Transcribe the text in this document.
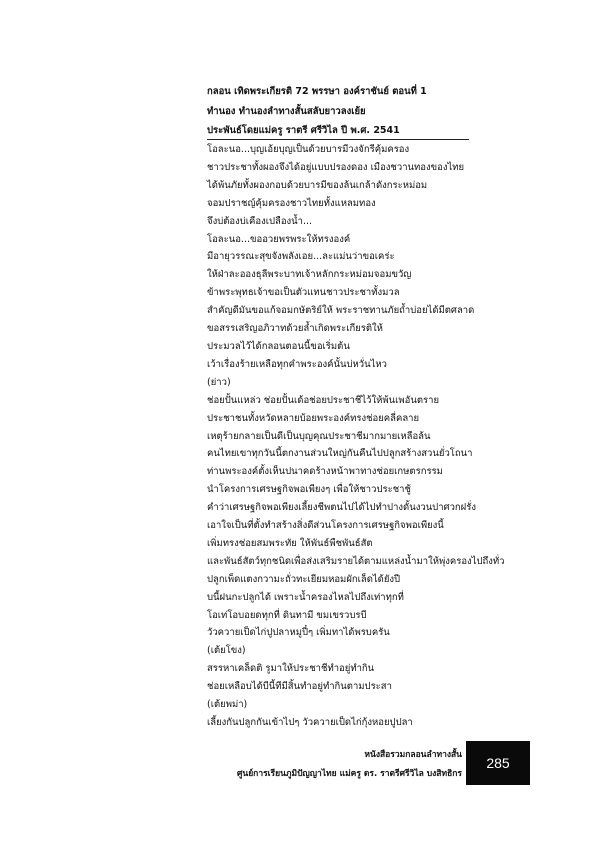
กลอน เทิดพระเกียรติ 72 พรรษา องค์ราชันย์ ตอนที่ 1
ทำนอง ทำนองลำทางสั้นสลับยาวลงเย้ย
ประพันธ์โดยแม่ครู ราตรี ศรีวิไล ปี พ.ศ. 2541
โอละนอ...บุญเอ้ยบุญเป็นด้วยบารมีวงจักรีคุ้มครอง
ชาวประชาทั้งผองจึงได้อยู่แบบปรองดอง เมืองชวานทองของไทย
ได้พ้นภัยทั้งผองกอบด้วยบารมีของล้นเกล้าดังกระหม่อม
จอมปราชญ์คุ้มครองชาวไทยทั้งแหลมทอง
จึงบ่ต้องบ่เคืองเปลืองน้ำ...
โอละนอ...ขออวยพรพระให้ทรงองค์
มีอายุวรรณะสุขจังพลังเอย...ละแม่นว่าขอเคร่ะ
ให้ฝ่าละอองธุลีพระบาทเจ้าหลักกระหม่อมจอมขวัญ
ข้าพระพุทธเจ้าขอเป็นตัวแทนชาวประชาทั้งมวล
สำคัญดีมันขอแก้จอมกษัตริย์ให้ พระราชทานภัยถ้ำบ่อยได้มีตศลาด
ขอสรรเสริญอภิวาทด้วยล้ำเกิดพระเกียรติให้
ประมวลไว้ได้กลอนตอนนี้ขอเริ่มต้น
เว้าเรื่องร้ายเหลือทุกคำพระองค์นั้นบ่หวั่นไหว
(ย่าว)
ช่อยปั้นแหล่ว ช่อยปั้นเด้อช่อยประชาชีไว้ให้พ้นเพอันตราย
ประชาชนทั้งหวัดหลายบ้อยพระองค์ทรงช่อยคลี่คลาย
เหตุร้ายกลายเป็นดีเป็นบุญคุณประชาชีมากมายเหลือล้น
คนไทยเขาทุกวันนี้ตกงานส่วนใหญ่กันคืนไปปลูกสร้างสวนยั่วโถนา
ท่านพระองค์ตั้งเห็นปนาคดร้างหน้าพาทางช่อยเกษตรกรรม
นำโครงการเศรษฐกิจพอเพียงๆ เพื่อให้ชาวประชาชู้
คำว่าเศรษฐกิจพอเพียงเลี้ยงชีพตนไปได้ไปทำปางดั้นงวนปาศวกฝรั่ง
เอาใจเป็นที่ตั้งทำสร้างสิ่งดีส่วนโครงการเศรษฐกิจพอเพียงนี้
เพิ่มทรงช่อยสมพระทัย ให้พันธ์พืชพันธ์สัต
และพันธ์สัตว์ทุกชนิดเพื่อส่งเสริมรายได้ตามแหล่งน้ำมาให้พุ่งครองไปถึงทั่ว
ปลูกเพ็ดแตงกวามะถั่วทะเยียมหอมผักเล็ดได้ยังปี
บนี้ฝนกะปลูกได้ เพราะน้ำครองไหลไปถึงเท่าทุกที่
โอเท่โอบอยดทุกที่ ดินทามี ขมเขรวบรบี
วัวควายเป็ดไก่ปูปลาหมูปี๋ๆ เพิ่มทาได้พรบครัน
(เต้ยโขง)
สรรหาเคล็ดติ รูมาให้ประชาชีทำอยู่ทำกิน
ช่อยเหลือบได้บีนี้ทีมีสิ้นทำอยู่ทำกินตามประสา
(เต้ยพม่า)
เลี้ยงกันปลูกกันเข้าไปๆ วัวควายเป็ดไก่กุ้งหอยปูปลา
หนังสือรวมกลอนลำทางสั้น
ศูนย์การเรียนภูมิปัญญาไทย แม่ครู ดร. ราตรีศรีวิไล บงสิทธิกร
285
